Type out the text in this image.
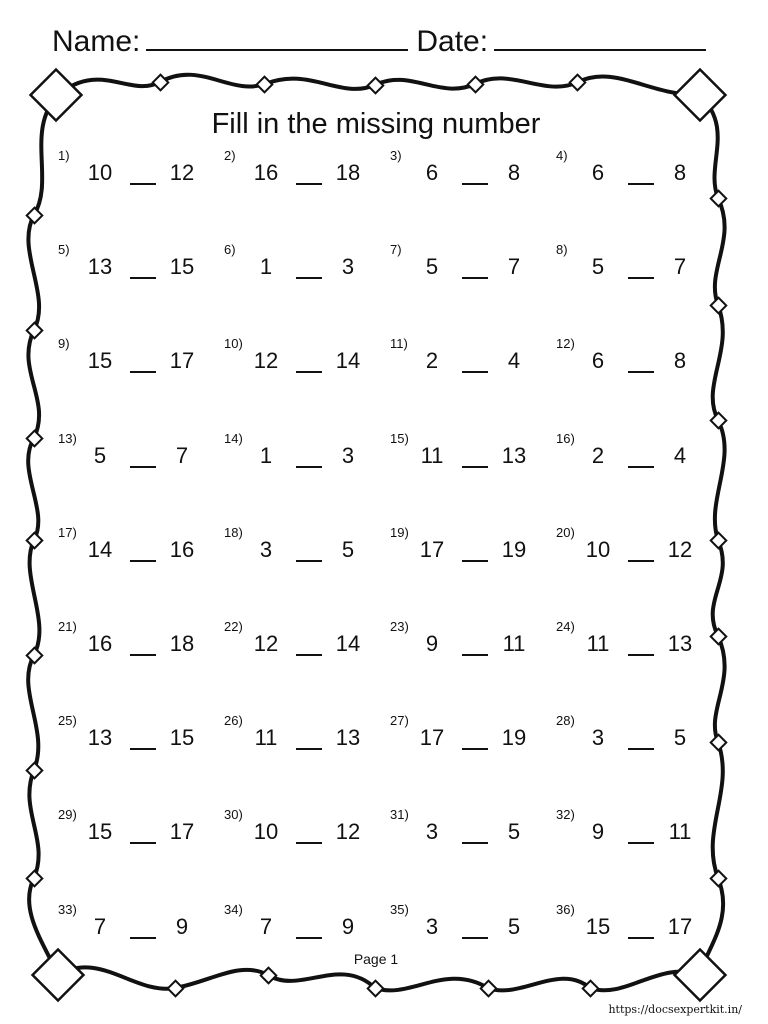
Name:	Date:
Fill in the missing number
1)
10	12
2)
16	18
3)
6	8
4)
6	8
5)
13	15
6)
1	3
7)
5	7
8)
5	7
9)
15	17
10)
12	14
11)
2	4
12)
6	8
13)
5	7
14)
1	3
15)
11	13
16)
2	4
17)
14	16
18)
3	5
19)
17	19
20)
10	12
21)
16	18
22)
12	14
23)
9	11
24)
11	13
25)
13	15
26)
11	13
27)
17	19
28)
3	5
29)
15	17
30)
10	12
31)
3	5
32)
9	11
33)
7	9
34)
7	9
35)
3	5
36)
15	17
Page 1
https://docsexpertkit.in/
